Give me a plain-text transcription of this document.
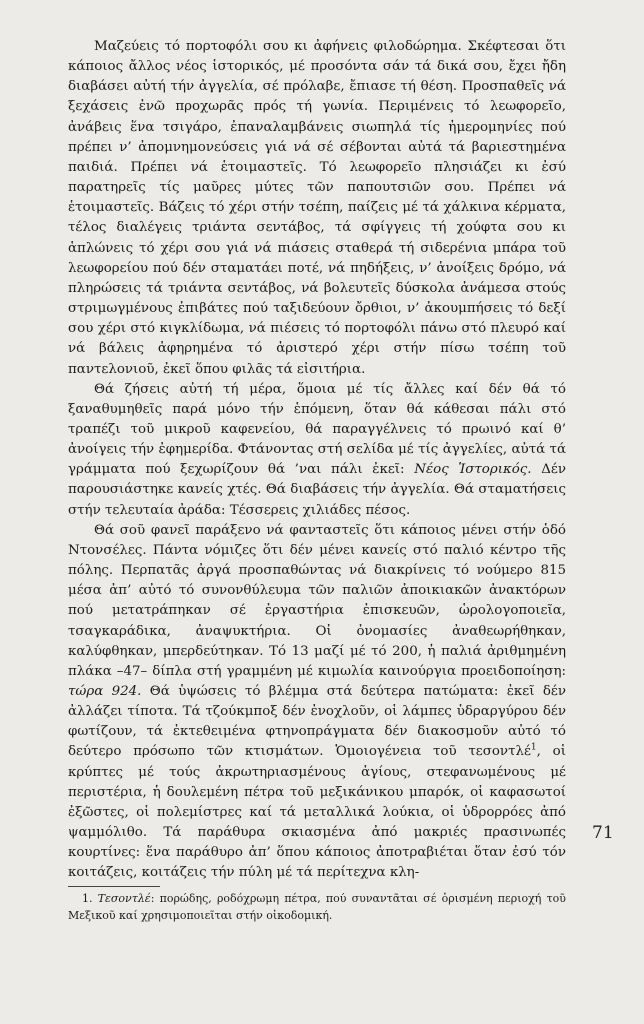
Μαζεύεις τό πορτοφόλι σου κι ἀφήνεις φιλοδώρημα. Σκέφτεσαι ὅτι κάποιος ἄλλος νέος ἱστορικός, μέ προσόντα σάν τά δικά σου, ἔχει ἤδη διαβάσει αὐτή τήν ἀγγελία, σέ πρόλαβε, ἔπιασε τή θέση. Προσπαθεῖς νά ξεχάσεις ἐνῶ προχωρᾶς πρός τή γωνία. Περιμένεις τό λεωφορεῖο, ἀνάβεις ἕνα τσιγάρο, ἐπαναλαμβάνεις σιωπηλά τίς ἡμερομηνίες πού πρέπει ν’ ἀπομνημονεύσεις γιά νά σέ σέβονται αὐτά τά βαριεστημένα παιδιά. Πρέπει νά ἑτοιμαστεῖς. Τό λεωφορεῖο πλησιάζει κι ἐσύ παρατηρεῖς τίς μαῦρες μύτες τῶν παπουτσιῶν σου. Πρέπει νά ἑτοιμαστεῖς. Βάζεις τό χέρι στήν τσέπη, παίζεις μέ τά χάλκινα κέρματα, τέλος διαλέγεις τριάντα σεντάβος, τά σφίγγεις τή χούφτα σου κι ἁπλώνεις τό χέρι σου γιά νά πιάσεις σταθερά τή σιδερένια μπάρα τοῦ λεωφορείου πού δέν σταματάει ποτέ, νά πηδήξεις, ν’ ἀνοίξεις δρόμο, νά πληρώσεις τά τριάντα σεντάβος, νά βολευτεῖς δύσκολα ἀνάμεσα στούς στριμωγμένους ἐπιβάτες πού ταξιδεύουν ὄρθιοι, ν’ ἀκουμπήσεις τό δεξί σου χέρι στό κιγκλίδωμα, νά πιέσεις τό πορτοφόλι πάνω στό πλευρό καί νά βάλεις ἀφηρημένα τό ἀριστερό χέρι στήν πίσω τσέπη τοῦ παντελονιοῦ, ἐκεῖ ὅπου φιλᾶς τά εἰσιτήρια.

Θά ζήσεις αὐτή τή μέρα, ὅμοια μέ τίς ἄλλες καί δέν θά τό ξαναθυμηθεῖς παρά μόνο τήν ἑπόμενη, ὅταν θά κάθεσαι πάλι στό τραπέζι τοῦ μικροῦ καφενείου, θά παραγγέλνεις τό πρωινό καί θ’ ἀνοίγεις τήν ἐφημερίδα. Φτάνοντας στή σελίδα μέ τίς ἀγγελίες, αὐτά τά γράμματα πού ξεχωρίζουν θά ’ναι πάλι ἐκεῖ: Νέος Ἱστορικός. Δέν παρουσιάστηκε κανείς χτές. Θά διαβάσεις τήν ἀγγελία. Θά σταματήσεις στήν τελευταία ἀράδα: Τέσσερεις χιλιάδες πέσος.

Θά σοῦ φανεῖ παράξενο νά φανταστεῖς ὅτι κάποιος μένει στήν ὁδό Ντονσέλες. Πάντα νόμιζες ὅτι δέν μένει κανείς στό παλιό κέντρο τῆς πόλης. Περπατᾶς ἀργά προσπαθώντας νά διακρίνεις τό νούμερο 815 μέσα ἀπ’ αὐτό τό συνονθύλευμα τῶν παλιῶν ἀποικιακῶν ἀνακτόρων πού μετατράπηκαν σέ ἐργαστήρια ἐπισκευῶν, ὡρολογοποιεῖα, τσαγκαράδικα, ἀναψυκτήρια. Οἱ ὀνομασίες ἀναθεωρήθηκαν, καλύφθηκαν, μπερδεύτηκαν. Τό 13 μαζί μέ τό 200, ἡ παλιά ἀριθμημένη πλάκα –47– δίπλα στή γραμμένη μέ κιμωλία καινούργια προειδοποίηση: τώρα 924. Θά ὑψώσεις τό βλέμμα στά δεύτερα πατώματα: ἐκεῖ δέν ἀλλάζει τίποτα. Τά τζούκμποξ δέν ἐνοχλοῦν, οἱ λάμπες ὑδραργύρου δέν φωτίζουν, τά ἐκτεθειμένα φτηνοπράγματα δέν διακοσμοῦν αὐτό τό δεύτερο πρόσωπο τῶν κτισμάτων. Ὁμοιογένεια τοῦ τεσοντλέ$^1$, οἱ κρύπτες μέ τούς ἀκρωτηριασμένους ἁγίους, στεφανωμένους μέ περιστέρια, ἡ δουλεμένη πέτρα τοῦ μεξικάνικου μπαρόκ, οἱ καφασωτοί ἐξῶστες, οἱ πολεμίστρες καί τά μεταλλικά λούκια, οἱ ὑδρορρόες ἀπό ψαμμόλιθο. Τά παράθυρα σκιασμένα ἀπό μακριές πρασινωπές κουρτίνες: ἕνα παράθυρο ἀπ’ ὅπου κάποιος ἀποτραβιέται ὅταν ἐσύ τόν κοιτάζεις, κοιτάζεις τήν πύλη μέ τά περίτεχνα κλη-

71

1. Τεσοντλέ: πορώδης, ροδόχρωμη πέτρα, πού συναντᾶται σέ ὁρισμένη περιοχή τοῦ Μεξικοῦ καί χρησιμοποιεῖται στήν οἰκοδομική.
